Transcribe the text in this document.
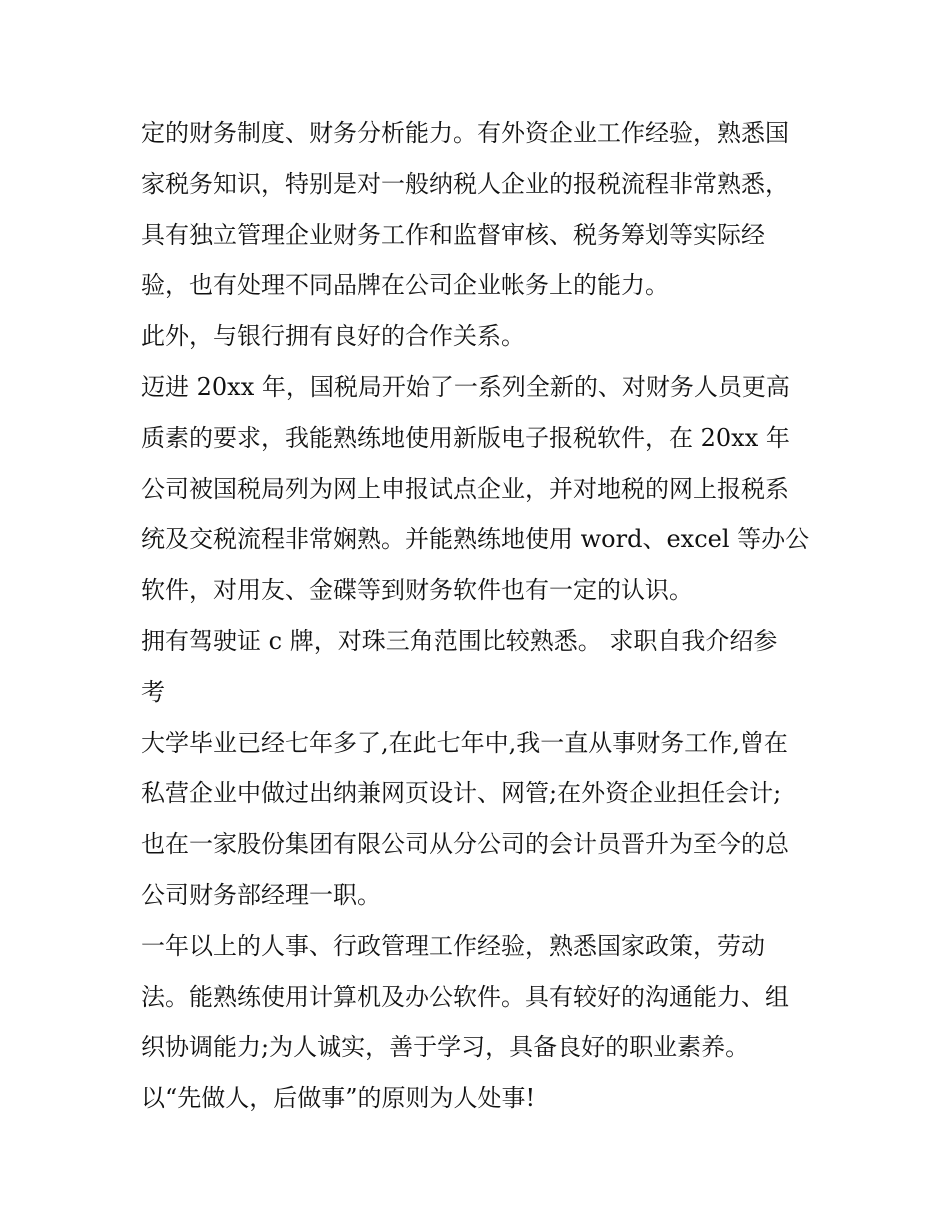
定的财务制度、财务分析能力。有外资企业工作经验，熟悉国
家税务知识，特别是对一般纳税人企业的报税流程非常熟悉，
具有独立管理企业财务工作和监督审核、税务筹划等实际经
验，也有处理不同品牌在公司企业帐务上的能力。
此外，与银行拥有良好的合作关系。
迈进 20xx 年，国税局开始了一系列全新的、对财务人员更高
质素的要求，我能熟练地使用新版电子报税软件，在 20xx 年
公司被国税局列为网上申报试点企业，并对地税的网上报税系
统及交税流程非常娴熟。并能熟练地使用 word、excel 等办公
软件，对用友、金碟等到财务软件也有一定的认识。
拥有驾驶证 c 牌，对珠三角范围比较熟悉。 求职自我介绍参
考
大学毕业已经七年多了,在此七年中,我一直从事财务工作,曾在
私营企业中做过出纳兼网页设计、网管;在外资企业担任会计;
也在一家股份集团有限公司从分公司的会计员晋升为至今的总
公司财务部经理一职。
一年以上的人事、行政管理工作经验，熟悉国家政策，劳动
法。能熟练使用计算机及办公软件。具有较好的沟通能力、组
织协调能力;为人诚实，善于学习，具备良好的职业素养。
以“先做人，后做事”的原则为人处事!
